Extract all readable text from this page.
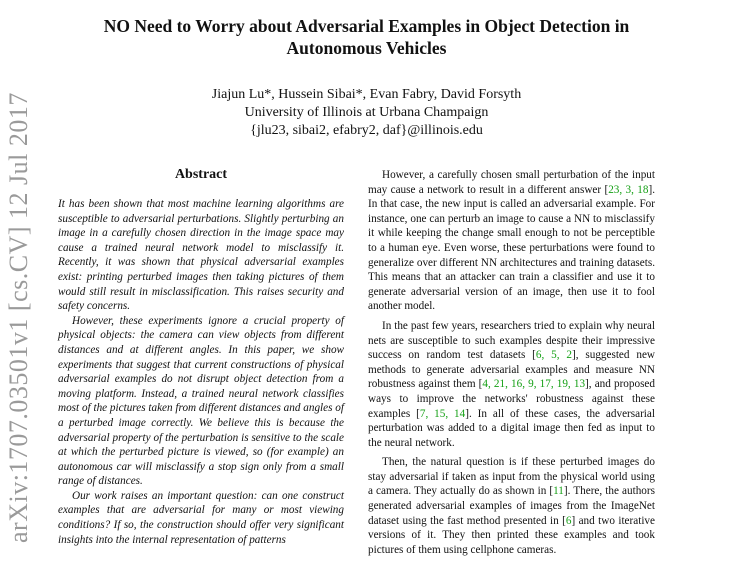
arXiv:1707.03501v1 [cs.CV] 12 Jul 2017
NO Need to Worry about Adversarial Examples in Object Detection in
Autonomous Vehicles
Jiajun Lu*, Hussein Sibai*, Evan Fabry, David Forsyth
University of Illinois at Urbana Champaign
{jlu23, sibai2, efabry2, daf}@illinois.edu
Abstract

It has been shown that most machine learning algorithms are susceptible to adversarial perturbations. Slightly perturbing an image in a carefully chosen direction in the image space may cause a trained neural network model to misclassify it. Recently, it was shown that physical adversarial examples exist: printing perturbed images then taking pictures of them would still result in misclassification. This raises security and safety concerns.

However, these experiments ignore a crucial property of physical objects: the camera can view objects from different distances and at different angles. In this paper, we show experiments that suggest that current constructions of physical adversarial examples do not disrupt object detection from a moving platform. Instead, a trained neural network classifies most of the pictures taken from different distances and angles of a perturbed image correctly. We believe this is because the adversarial property of the perturbation is sensitive to the scale at which the perturbed picture is viewed, so (for example) an autonomous car will misclassify a stop sign only from a small range of distances.

Our work raises an important question: can one construct examples that are adversarial for many or most viewing conditions? If so, the construction should offer very significant insights into the internal representation of patterns

However, a carefully chosen small perturbation of the input may cause a network to result in a different answer [23, 3, 18]. In that case, the new input is called an adversarial example. For instance, one can perturb an image to cause a NN to misclassify it while keeping the change small enough to not be perceptible to a human eye. Even worse, these perturbations were found to generalize over different NN architectures and training datasets. This means that an attacker can train a classifier and use it to generate adversarial version of an image, then use it to fool another model.

In the past few years, researchers tried to explain why neural nets are susceptible to such examples despite their impressive success on random test datasets [6, 5, 2], suggested new methods to generate adversarial examples and measure NN robustness against them [4, 21, 16, 9, 17, 19, 13], and proposed ways to improve the networks' robustness against these examples [7, 15, 14]. In all of these cases, the adversarial perturbation was added to a digital image then fed as input to the neural network.

Then, the natural question is if these perturbed images do stay adversarial if taken as input from the physical world using a camera. They actually do as shown in [11]. There, the authors generated adversarial examples of images from the ImageNet dataset using the fast method presented in [6] and two iterative versions of it. They then printed these examples and took pictures of them using cellphone cameras.
